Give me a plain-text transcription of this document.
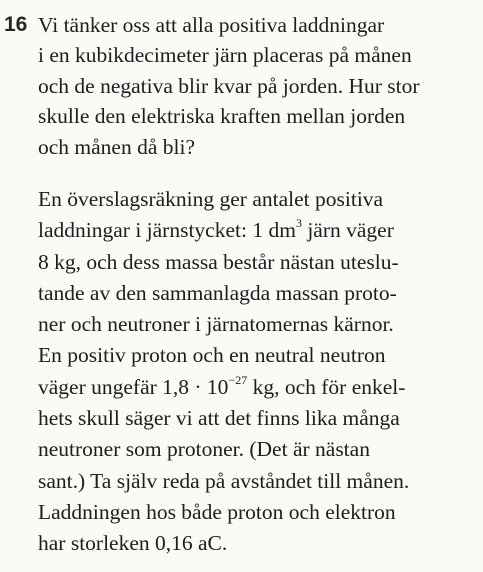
16 Vi tänker oss att alla positiva laddningar
i en kubikdecimeter järn placeras på månen
och de negativa blir kvar på jorden. Hur stor
skulle den elektriska kraften mellan jorden
och månen då bli?
En överslagsräkning ger antalet positiva
laddningar i järnstycket: 1 $dm^3$ järn väger
8 kg, och dess massa består nästan uteslu-
tande av den sammanlagda massan proto-
ner och neutroner i järnatomernas kärnor.
En positiv proton och en neutral neutron
väger ungefär $1,8 \cdot 10^{-27}$ kg, och för enkel-
hets skull säger vi att det finns lika många
neutroner som protoner. (Det är nästan
sant.) Ta själv reda på avståndet till månen.
Laddningen hos både proton och elektron
har storleken 0,16 aC.
